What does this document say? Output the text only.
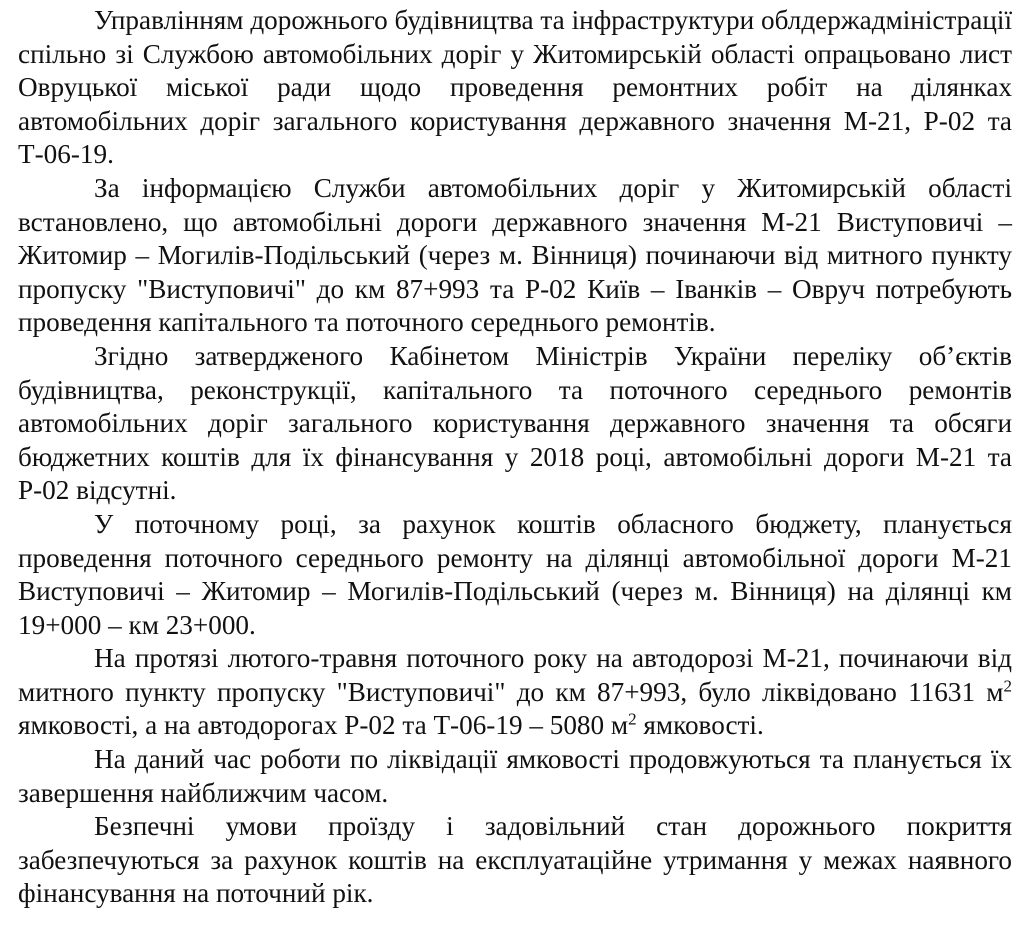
Управлінням дорожнього будівництва та інфраструктури облдержадміністрації спільно зі Службою автомобільних доріг у Житомирській області опрацьовано лист Овруцької міської ради щодо проведення ремонтних робіт на ділянках автомобільних доріг загального користування державного значення М-21, Р-02 та Т-06-19.

За інформацією Служби автомобільних доріг у Житомирській області встановлено, що автомобільні дороги державного значення М-21 Виступовичі – Житомир – Могилів-Подільський (через м. Вінниця) починаючи від митного пункту пропуску "Виступовичі" до км 87+993 та Р-02 Київ – Іванків – Овруч потребують проведення капітального та поточного середнього ремонтів.

Згідно затвердженого Кабінетом Міністрів України переліку об’єктів будівництва, реконструкції, капітального та поточного середнього ремонтів автомобільних доріг загального користування державного значення та обсяги бюджетних коштів для їх фінансування у 2018 році, автомобільні дороги М-21 та Р-02 відсутні.

У поточному році, за рахунок коштів обласного бюджету, планується проведення поточного середнього ремонту на ділянці автомобільної дороги М-21 Виступовичі – Житомир – Могилів-Подільський (через м. Вінниця) на ділянці км 19+000 – км 23+000.

На протязі лютого-травня поточного року на автодорозі М-21, починаючи від митного пункту пропуску "Виступовичі" до км 87+993, було ліквідовано 11631 $м^2$ ямковості, а на автодорогах Р-02 та Т-06-19 – 5080 $м^2$ ямковості.

На даний час роботи по ліквідації ямковості продовжуються та планується їх завершення найближчим часом.

Безпечні умови проїзду і задовільний стан дорожнього покриття забезпечуються за рахунок коштів на експлуатаційне утримання у межах наявного фінансування на поточний рік.
